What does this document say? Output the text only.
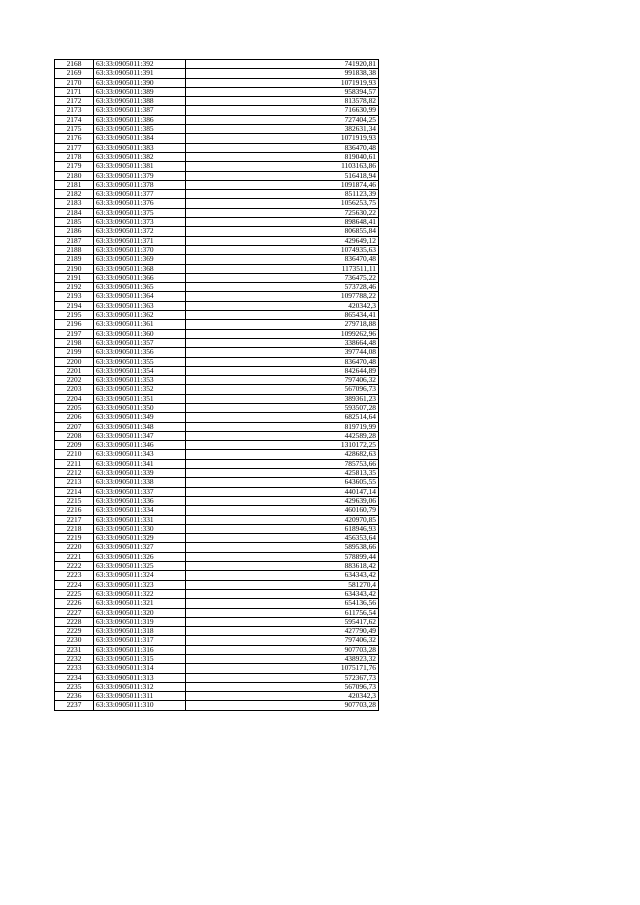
2168	63:33:0905011:392	741920,81
2169	63:33:0905011:391	991838,38
2170	63:33:0905011:390	1071919,93
2171	63:33:0905011:389	958394,57
2172	63:33:0905011:388	813578,82
2173	63:33:0905011:387	716630,99
2174	63:33:0905011:386	727404,25
2175	63:33:0905011:385	382631,34
2176	63:33:0905011:384	1071919,93
2177	63:33:0905011:383	836470,48
2178	63:33:0905011:382	819040,61
2179	63:33:0905011:381	1103163,86
2180	63:33:0905011:379	516418,94
2181	63:33:0905011:378	1091874,46
2182	63:33:0905011:377	851123,39
2183	63:33:0905011:376	1056253,75
2184	63:33:0905011:375	725630,22
2185	63:33:0905011:373	898648,41
2186	63:33:0905011:372	806855,84
2187	63:33:0905011:371	429649,12
2188	63:33:0905011:370	1074935,63
2189	63:33:0905011:369	836470,48
2190	63:33:0905011:368	1173511,11
2191	63:33:0905011:366	736475,22
2192	63:33:0905011:365	573728,46
2193	63:33:0905011:364	1097788,22
2194	63:33:0905011:363	420342,3
2195	63:33:0905011:362	865434,41
2196	63:33:0905011:361	279718,88
2197	63:33:0905011:360	1099262,96
2198	63:33:0905011:357	338664,48
2199	63:33:0905011:356	397744,08
2200	63:33:0905011:355	836470,48
2201	63:33:0905011:354	842644,89
2202	63:33:0905011:353	797406,32
2203	63:33:0905011:352	567096,73
2204	63:33:0905011:351	389361,23
2205	63:33:0905011:350	593507,28
2206	63:33:0905011:349	682514,64
2207	63:33:0905011:348	819719,99
2208	63:33:0905011:347	442589,28
2209	63:33:0905011:346	1310172,25
2210	63:33:0905011:343	428682,63
2211	63:33:0905011:341	785753,66
2212	63:33:0905011:339	425813,35
2213	63:33:0905011:338	643605,55
2214	63:33:0905011:337	440147,14
2215	63:33:0905011:336	429639,06
2216	63:33:0905011:334	460160,79
2217	63:33:0905011:331	420970,85
2218	63:33:0905011:330	618946,93
2219	63:33:0905011:329	456353,64
2220	63:33:0905011:327	589538,66
2221	63:33:0905011:326	578899,44
2222	63:33:0905011:325	883618,42
2223	63:33:0905011:324	634343,42
2224	63:33:0905011:323	581270,4
2225	63:33:0905011:322	634343,42
2226	63:33:0905011:321	654136,56
2227	63:33:0905011:320	611756,54
2228	63:33:0905011:319	595417,62
2229	63:33:0905011:318	427790,49
2230	63:33:0905011:317	797406,32
2231	63:33:0905011:316	907703,28
2232	63:33:0905011:315	438923,32
2233	63:33:0905011:314	1075171,76
2234	63:33:0905011:313	572367,73
2235	63:33:0905011:312	567096,73
2236	63:33:0905011:311	420342,3
2237	63:33:0905011:310	907703,28
